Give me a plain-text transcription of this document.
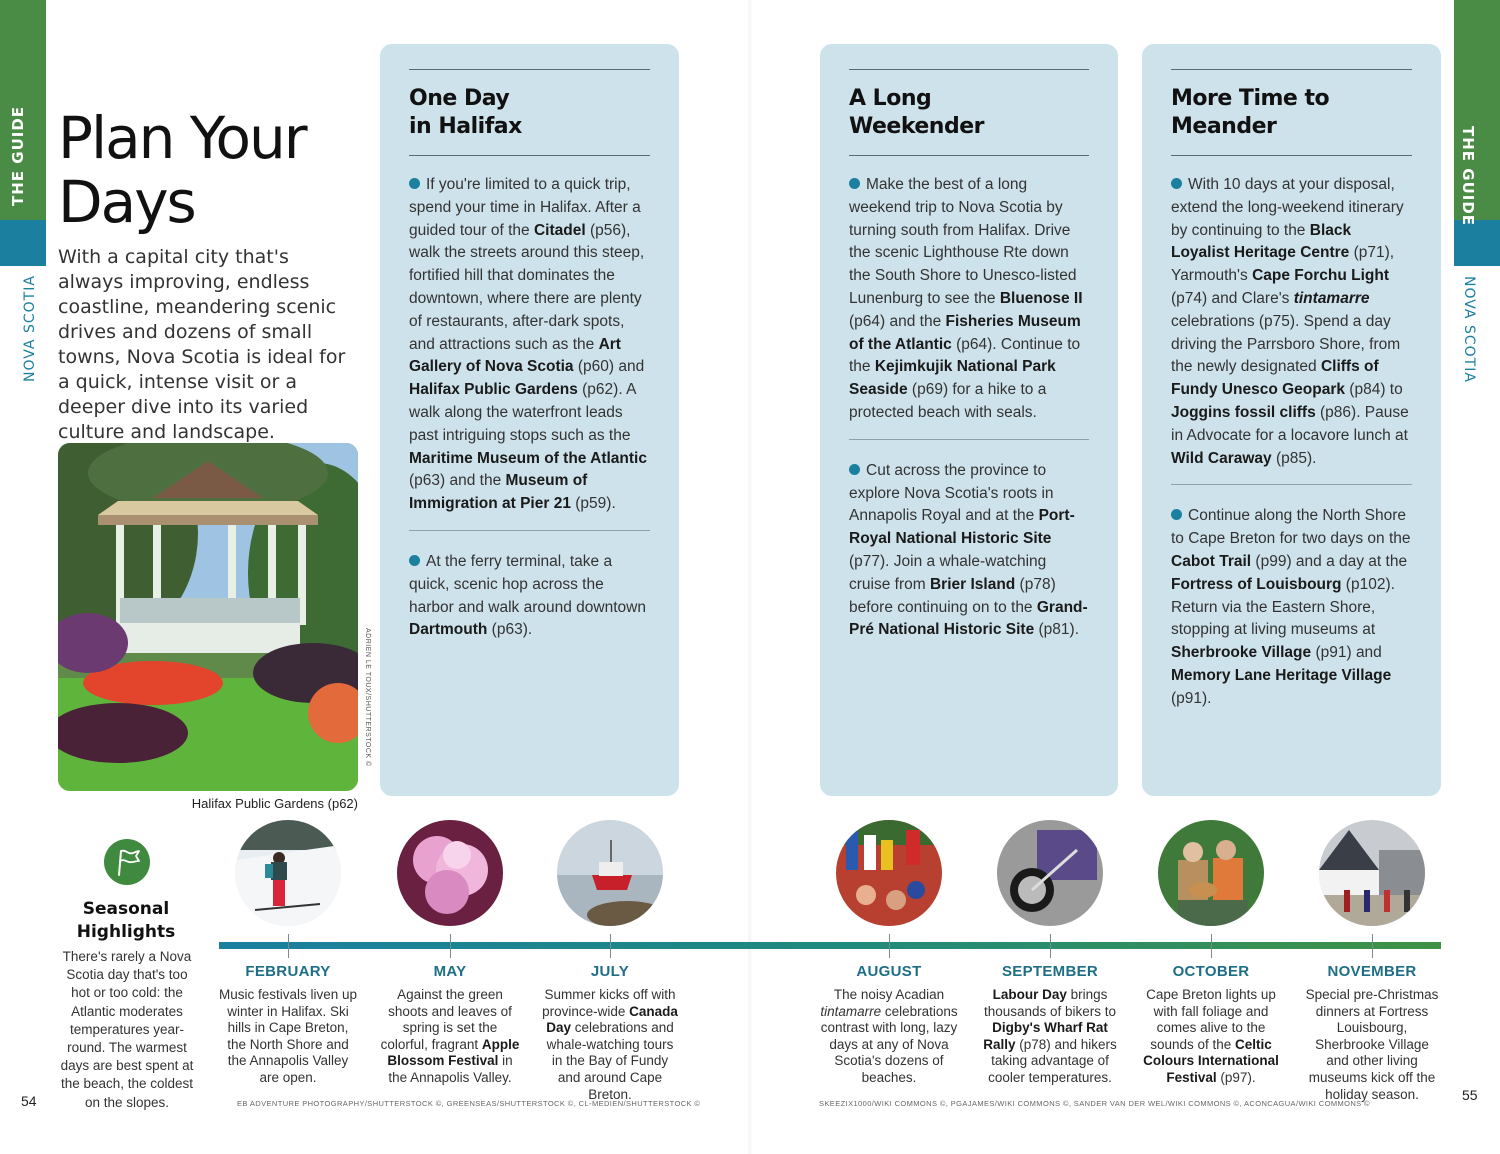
THE GUIDE
NOVA SCOTIA
THE GUIDE
NOVA SCOTIA
Plan Your
Days
With a capital city that's always improving, endless coastline, meandering scenic drives and dozens of small towns, Nova Scotia is ideal for a quick, intense visit or a deeper dive into its varied culture and landscape.
ADRIEN LE TOUX/SHUTTERSTOCK ©
Halifax Public Gardens (p62)
One Day
in Halifax

If you're limited to a quick trip, spend your time in Halifax. After a guided tour of the Citadel (p56), walk the streets around this steep, fortified hill that dominates the downtown, where there are plenty of restaurants, after-dark spots, and attractions such as the Art Gallery of Nova Scotia (p60) and Halifax Public Gardens (p62). A walk along the waterfront leads past intriguing stops such as the Maritime Museum of the Atlantic (p63) and the Museum of Immigration at Pier 21 (p59).

At the ferry terminal, take a quick, scenic hop across the harbor and walk around downtown Dartmouth (p63).

A Long
Weekender

Make the best of a long weekend trip to Nova Scotia by turning south from Halifax. Drive the scenic Lighthouse Rte down the South Shore to Unesco-listed Lunenburg to see the Bluenose II (p64) and the Fisheries Museum of the Atlantic (p64). Continue to the Kejimkujik National Park Seaside (p69) for a hike to a protected beach with seals.

Cut across the province to explore Nova Scotia's roots in Annapolis Royal and at the Port-Royal National Historic Site (p77). Join a whale-watching cruise from Brier Island (p78) before continuing on to the Grand-Pré National Historic Site (p81).

More Time to
Meander

With 10 days at your disposal, extend the long-weekend itinerary by continuing to the Black Loyalist Heritage Centre (p71), Yarmouth's Cape Forchu Light (p74) and Clare's tintamarre celebrations (p75). Spend a day driving the Parrsboro Shore, from the newly designated Cliffs of Fundy Unesco Geopark (p84) to Joggins fossil cliffs (p86). Pause in Advocate for a locavore lunch at Wild Caraway (p85).

Continue along the North Shore to Cape Breton for two days on the Cabot Trail (p99) and a day at the Fortress of Louisbourg (p102). Return via the Eastern Shore, stopping at living museums at Sherbrooke Village (p91) and Memory Lane Heritage Village (p91).

Seasonal
Highlights
There's rarely a Nova Scotia day that's too hot or too cold: the Atlantic moderates temperatures year-round. The warmest days are best spent at the beach, the coldest on the slopes.
FEBRUARY
Music festivals liven up winter in Halifax. Ski hills in Cape Breton, the North Shore and the Annapolis Valley are open.
MAY
Against the green shoots and leaves of spring is set the colorful, fragrant Apple Blossom Festival in the Annapolis Valley.
JULY
Summer kicks off with province-wide Canada Day celebrations and whale-watching tours in the Bay of Fundy and around Cape Breton.
AUGUST
The noisy Acadian tintamarre celebrations contrast with long, lazy days at any of Nova Scotia's dozens of beaches.
SEPTEMBER
Labour Day brings thousands of bikers to Digby's Wharf Rat Rally (p78) and hikers taking advantage of cooler temperatures.
OCTOBER
Cape Breton lights up with fall foliage and comes alive to the sounds of the Celtic Colours International Festival (p97).
NOVEMBER
Special pre-Christmas dinners at Fortress Louisbourg, Sherbrooke Village and other living museums kick off the holiday season.
EB ADVENTURE PHOTOGRAPHY/SHUTTERSTOCK ©, GREENSEAS/SHUTTERSTOCK ©, CL-MEDIEN/SHUTTERSTOCK ©	SKEEZIX1000/WIKI COMMONS ©, PGAJAMES/WIKI COMMONS ©, SANDER VAN DER WEL/WIKI COMMONS ©, ACONCAGUA/WIKI COMMONS ©
54	55
